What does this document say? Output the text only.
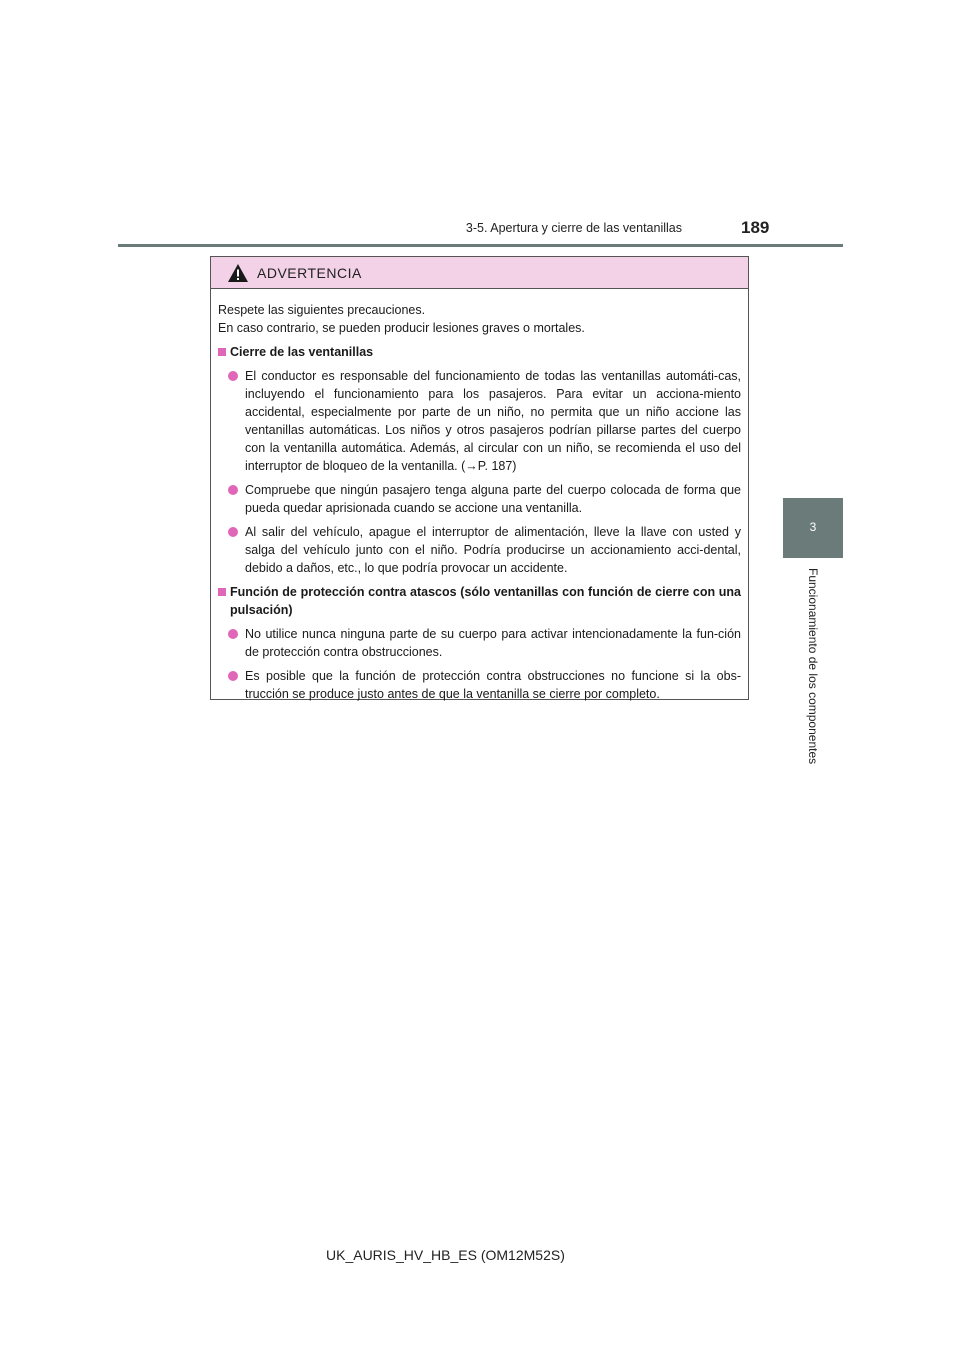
3-5. Apertura y cierre de las ventanillas	189
3
Funcionamiento de los componentes
ADVERTENCIA

Respete las siguientes precauciones.

En caso contrario, se pueden producir lesiones graves o mortales.

Cierre de las ventanillas
El conductor es responsable del funcionamiento de todas las ventanillas automáti-cas, incluyendo el funcionamiento para los pasajeros. Para evitar un acciona-miento accidental, especialmente por parte de un niño, no permita que un niño accione las ventanillas automáticas. Los niños y otros pasajeros podrían pillarse partes del cuerpo con la ventanilla automática. Además, al circular con un niño, se recomienda el uso del interruptor de bloqueo de la ventanilla. (→P. 187)
Compruebe que ningún pasajero tenga alguna parte del cuerpo colocada de forma que pueda quedar aprisionada cuando se accione una ventanilla.
Al salir del vehículo, apague el interruptor de alimentación, lleve la llave con usted y salga del vehículo junto con el niño. Podría producirse un accionamiento acci-dental, debido a daños, etc., lo que podría provocar un accidente.
Función de protección contra atascos (sólo ventanillas con función de cierre con una pulsación)
No utilice nunca ninguna parte de su cuerpo para activar intencionadamente la fun-ción de protección contra obstrucciones.
Es posible que la función de protección contra obstrucciones no funcione si la obs-trucción se produce justo antes de que la ventanilla se cierre por completo.
UK_AURIS_HV_HB_ES (OM12M52S)
